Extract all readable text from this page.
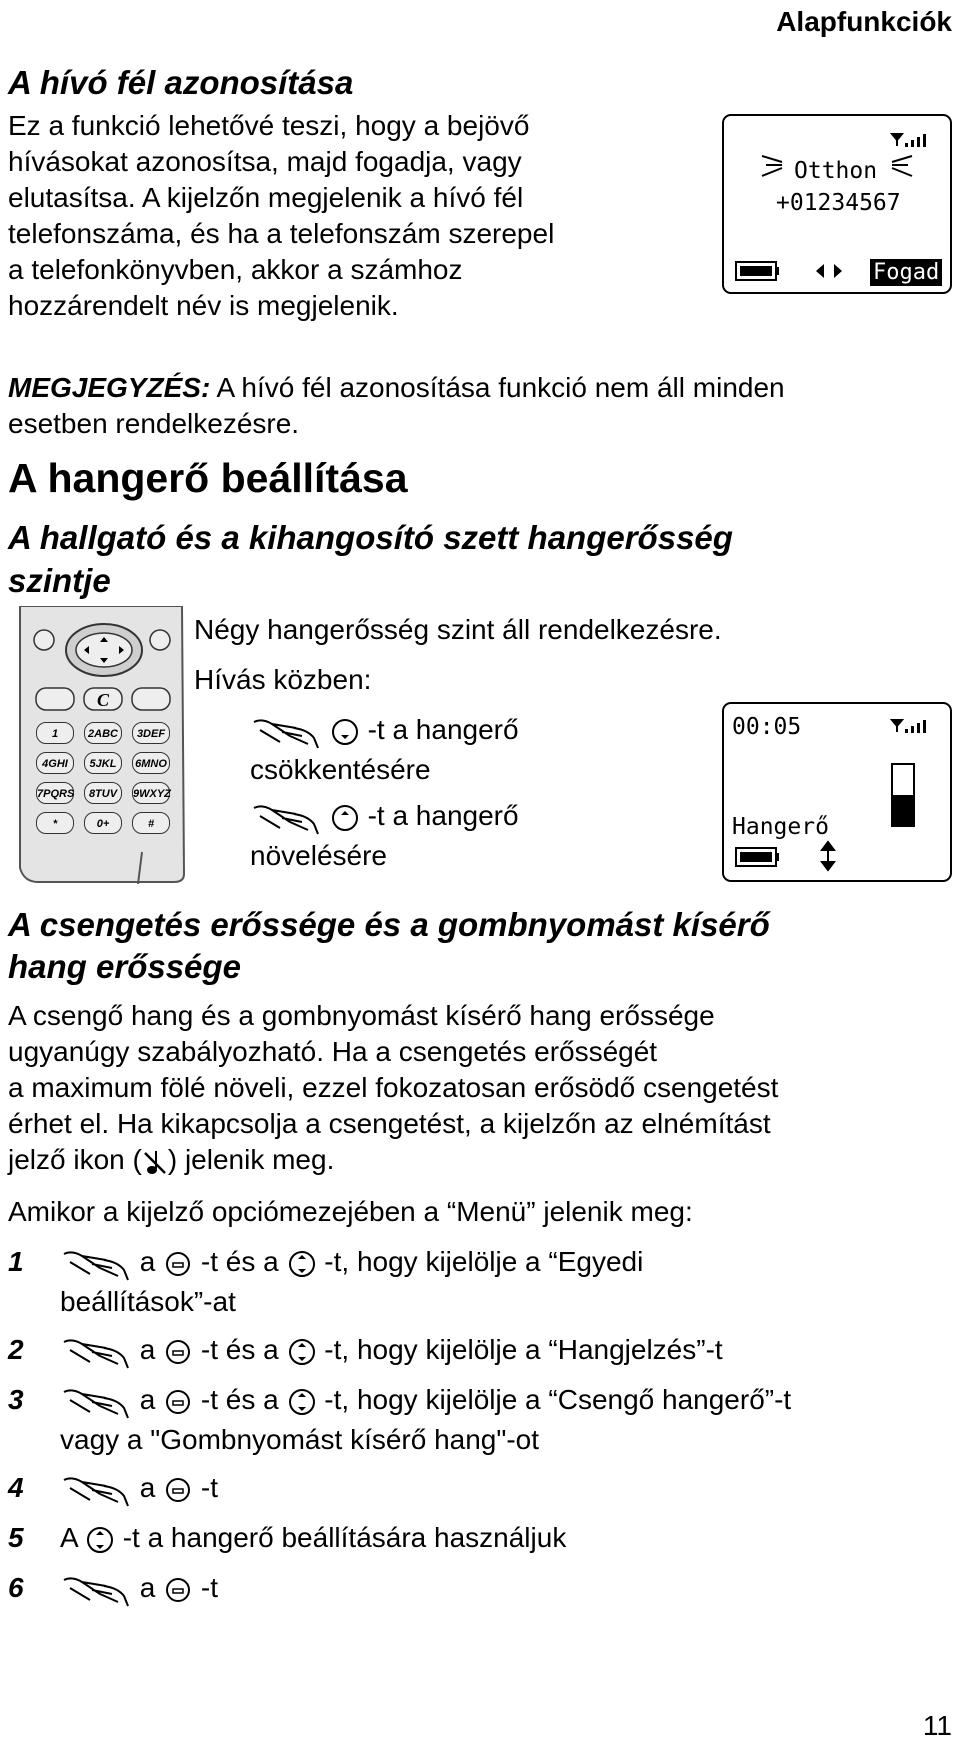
Alapfunkciók
A hívó fél azonosítása
Ez a funkció lehetővé teszi, hogy a bejövő
hívásokat azonosítsa, majd fogadja, vagy
elutasítsa. A kijelzőn megjelenik a hívó fél
telefonszáma, és ha a telefonszám szerepel
a telefonkönyvben, akkor a számhoz
hozzárendelt név is megjelenik.
Otthon
+01234567
Fogad
MEGJEGYZÉS: A hívó fél azonosítása funkció nem áll minden
esetben rendelkezésre.
A hangerő beállítása
A hallgató és a kihangosító szett hangerősség
szintje
C
1	2ABC	3DEF
4GHI	5JKL	6MNO
7PQRS	8TUV	9WXYZ
*	0+	#
Négy hangerősség szint áll rendelkezésre.
Hívás közben:
-t a hangerő
csökkentésére
-t a hangerő
növelésére
00:05
Hangerő
A csengetés erőssége és a gombnyomást kísérő
hang erőssége
A csengő hang és a gombnyomást kísérő hang erőssége
ugyanúgy szabályozható. Ha a csengetés erősségét
a maximum fölé növeli, ezzel fokozatosan erősödő csengetést
érhet el. Ha kikapcsolja a csengetést, a kijelzőn az elnémítást
jelző ikon ( ) jelenik meg.
Amikor a kijelző opciómezejében a “Menü” jelenik meg:
1	a  -t és a  -t, hogy kijelölje a “Egyedi
beállítások”-at
2	a  -t és a  -t, hogy kijelölje a “Hangjelzés”-t
3	a  -t és a  -t, hogy kijelölje a “Csengő hangerő”-t
vagy a "Gombnyomást kísérő hang"-ot
4	a  -t
5 A  -t a hangerő beállítására használjuk
6	a  -t
11
